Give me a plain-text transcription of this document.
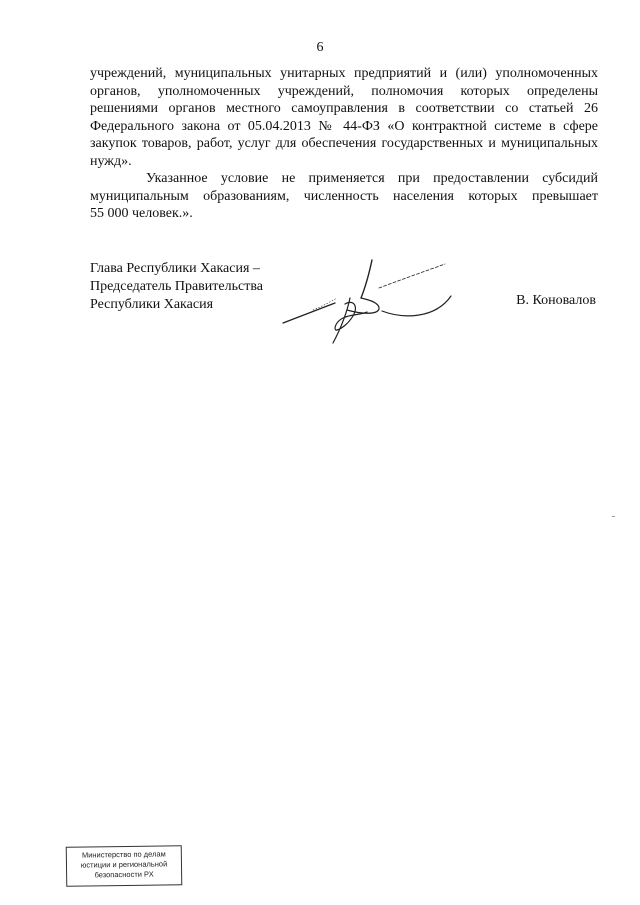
6

учреждений, муниципальных унитарных предприятий и (или) уполномоченных

органов, уполномоченных учреждений, полномочия которых определены

решениями органов местного самоуправления в соответствии со статьей 26

Федерального закона от 05.04.2013 № 44-ФЗ «О контрактной системе в сфере

закупок товаров, работ, услуг для обеспечения государственных и муниципальных

нужд».

Указанное условие не применяется при предоставлении субсидий

муниципальным образованиям, численность населения которых превышает

55 000 человек.».

Глава Республики Хакасия –
Председатель Правительства
Республики Хакасия	В. Коновалов
Министерство по делам
юстиции и региональной
безопасности РХ
